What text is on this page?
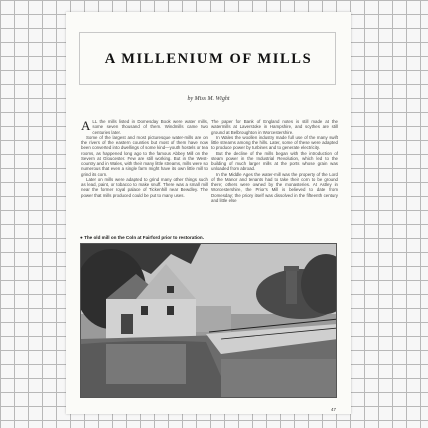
A MILLENIUM OF MILLS
by Miss M. Wight

ALL the mills listed in Domesday Book were water mills, some seven thousand of them. Windmills came two centuries later.

Some of the largest and most picturesque water-mills are on the rivers of the eastern counties but most of them have now been converted into dwellings of some kind—youth hostels or tea rooms, as happened long ago to the famous Abbey Mill on the Severn at Gloucester. Few are still working. But in the West-country and in Wales, with their many little streams, mills were so numerous that even a single farm might have its own little mill to grind its corn.

Later on mills were adapted to grind many other things such as lead, paint, or tobacco to make snuff. There was a small mill near the former royal palace of Tickenhill near Bewdley. The power that mills produced could be put to many uses.

The paper for Bank of England notes is still made at the watermills at Laverstoke in Hampshire, and scythes are still ground at Belbroughton in Worcestershire.

In Wales the woollen industry made full use of the many swift little streams among the hills. Later, some of these were adapted to produce power by turbines and to generate electricity.

But the decline of the mills began with the introduction of steam power in the Industrial Revolution, which led to the building of much larger mills at the ports whose grain was unloaded from abroad.

In the Middle Ages the water-mill was the property of the Lord of the Manor and tenants had to take their corn to be ground there; others were owned by the monasteries. At Astley in Worcestershire, the Prior's Mill is believed to date from Domesday; the priory itself was dissolved in the fifteenth century and little else

● The old mill on the Coln at Fairford prior to restoration.
47
